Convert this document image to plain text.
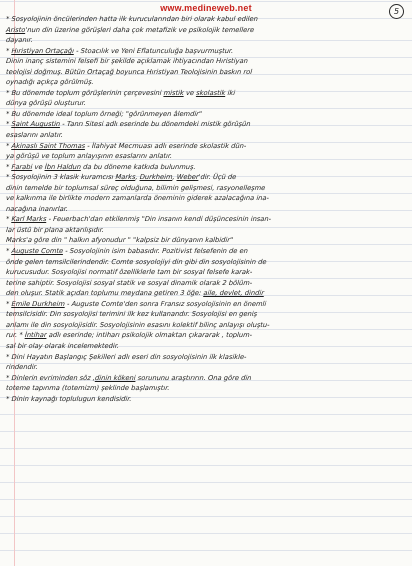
www.medineweb.net	5
* Sosyolojinin öncülerinden hatta ilk kurucularından biri olarak kabul edilen
Aristo'nun din üzerine görüşleri daha çok metafizik ve psikolojik temellere
dayanır.
* Hıristiyan Ortaçağı - Stoacılık ve Yeni Eflatunculuğa başvurmuştur.
Dinin inanç sistemini felsefi bir şekilde açıklamak ihtiyacından Hıristiyan
teolojisi doğmuş. Bütün Ortaçağ boyunca Hıristiyan Teolojisinin baskın rol
oynadığı açıkça görülmüş.
* Bu dönemde toplum görüşlerinin çerçevesini mistik ve skolastik iki
dünya görüşü oluşturur.
* Bu dönemde ideal toplum örneği; "görünmeyen âlemdir"
* Saint Augustin - Tanrı Sitesi adlı eserinde bu dönemdeki mistik görüşün
esaslarını anlatır.
* Akinaslı Saint Thomas - İlahiyat Mecmuası adlı eserinde skolastik dün-
ya görüşü ve toplum anlayışının esaslarını anlatır.
* Farabi ve İbn Haldun da bu döneme katkıda bulunmuş.
* Sosyolojinin 3 klasik kuramcısı Marks, Durkheim, Weber'dir. Üçü de
dinin temelde bir toplumsal süreç olduğuna, bilimin gelişmesi, rasyonelleşme
ve kalkınma ile birlikte modern zamanlarda öneminin giderek azalacağına ina-
nacağına inanırlar.
* Karl Marks - Feuerbach'dan etkilenmiş "Din insanın kendi düşüncesinin insan-
lar üstü bir plana aktarılışıdır.
Marks'a göre din " halkın afyonudur " "kalpsiz bir dünyanın kalbidir"
* Auguste Comte - Sosyolojinin isim babasıdır. Pozitivist felsefenin de en
önde gelen temsilcilerindendir. Comte sosyolojiyi din gibi din sosyolojisinin de
kurucusudur. Sosyolojisi normatif özelliklerle tam bir sosyal felsefe karak-
terine sahiptir. Sosyolojisi sosyal statik ve sosyal dinamik olarak 2 bölüm-
den oluşur. Statik açıdan toplumu meydana getiren 3 öğe: aile, devlet, dindir
* Emile Durkheim - Auguste Comte'den sonra Fransız sosyolojisinin en önemli
temsilcisidir. Din sosyolojisi terimini ilk kez kullanandır. Sosyolojisi en geniş
anlamı ile din sosyolojisidir. Sosyolojisinin esasını kolektif bilinç anlayışı oluştu-
rur. * İntihar adlı eserinde; intiharı psikolojik olmaktan çıkararak , toplum-
sal bir olay olarak incelemektedir.
* Dini Hayatın Başlangıç Şekilleri adlı eseri din sosyolojisinin ilk klasikle-
rindendir.
* Dinlerin evriminden söz ,dinin kökeni sorununu araştırırın. Ona göre din
toteme tapınma (totemizm) şeklinde başlamıştır.
* Dinin kaynağı toplulugun kendisidir.
